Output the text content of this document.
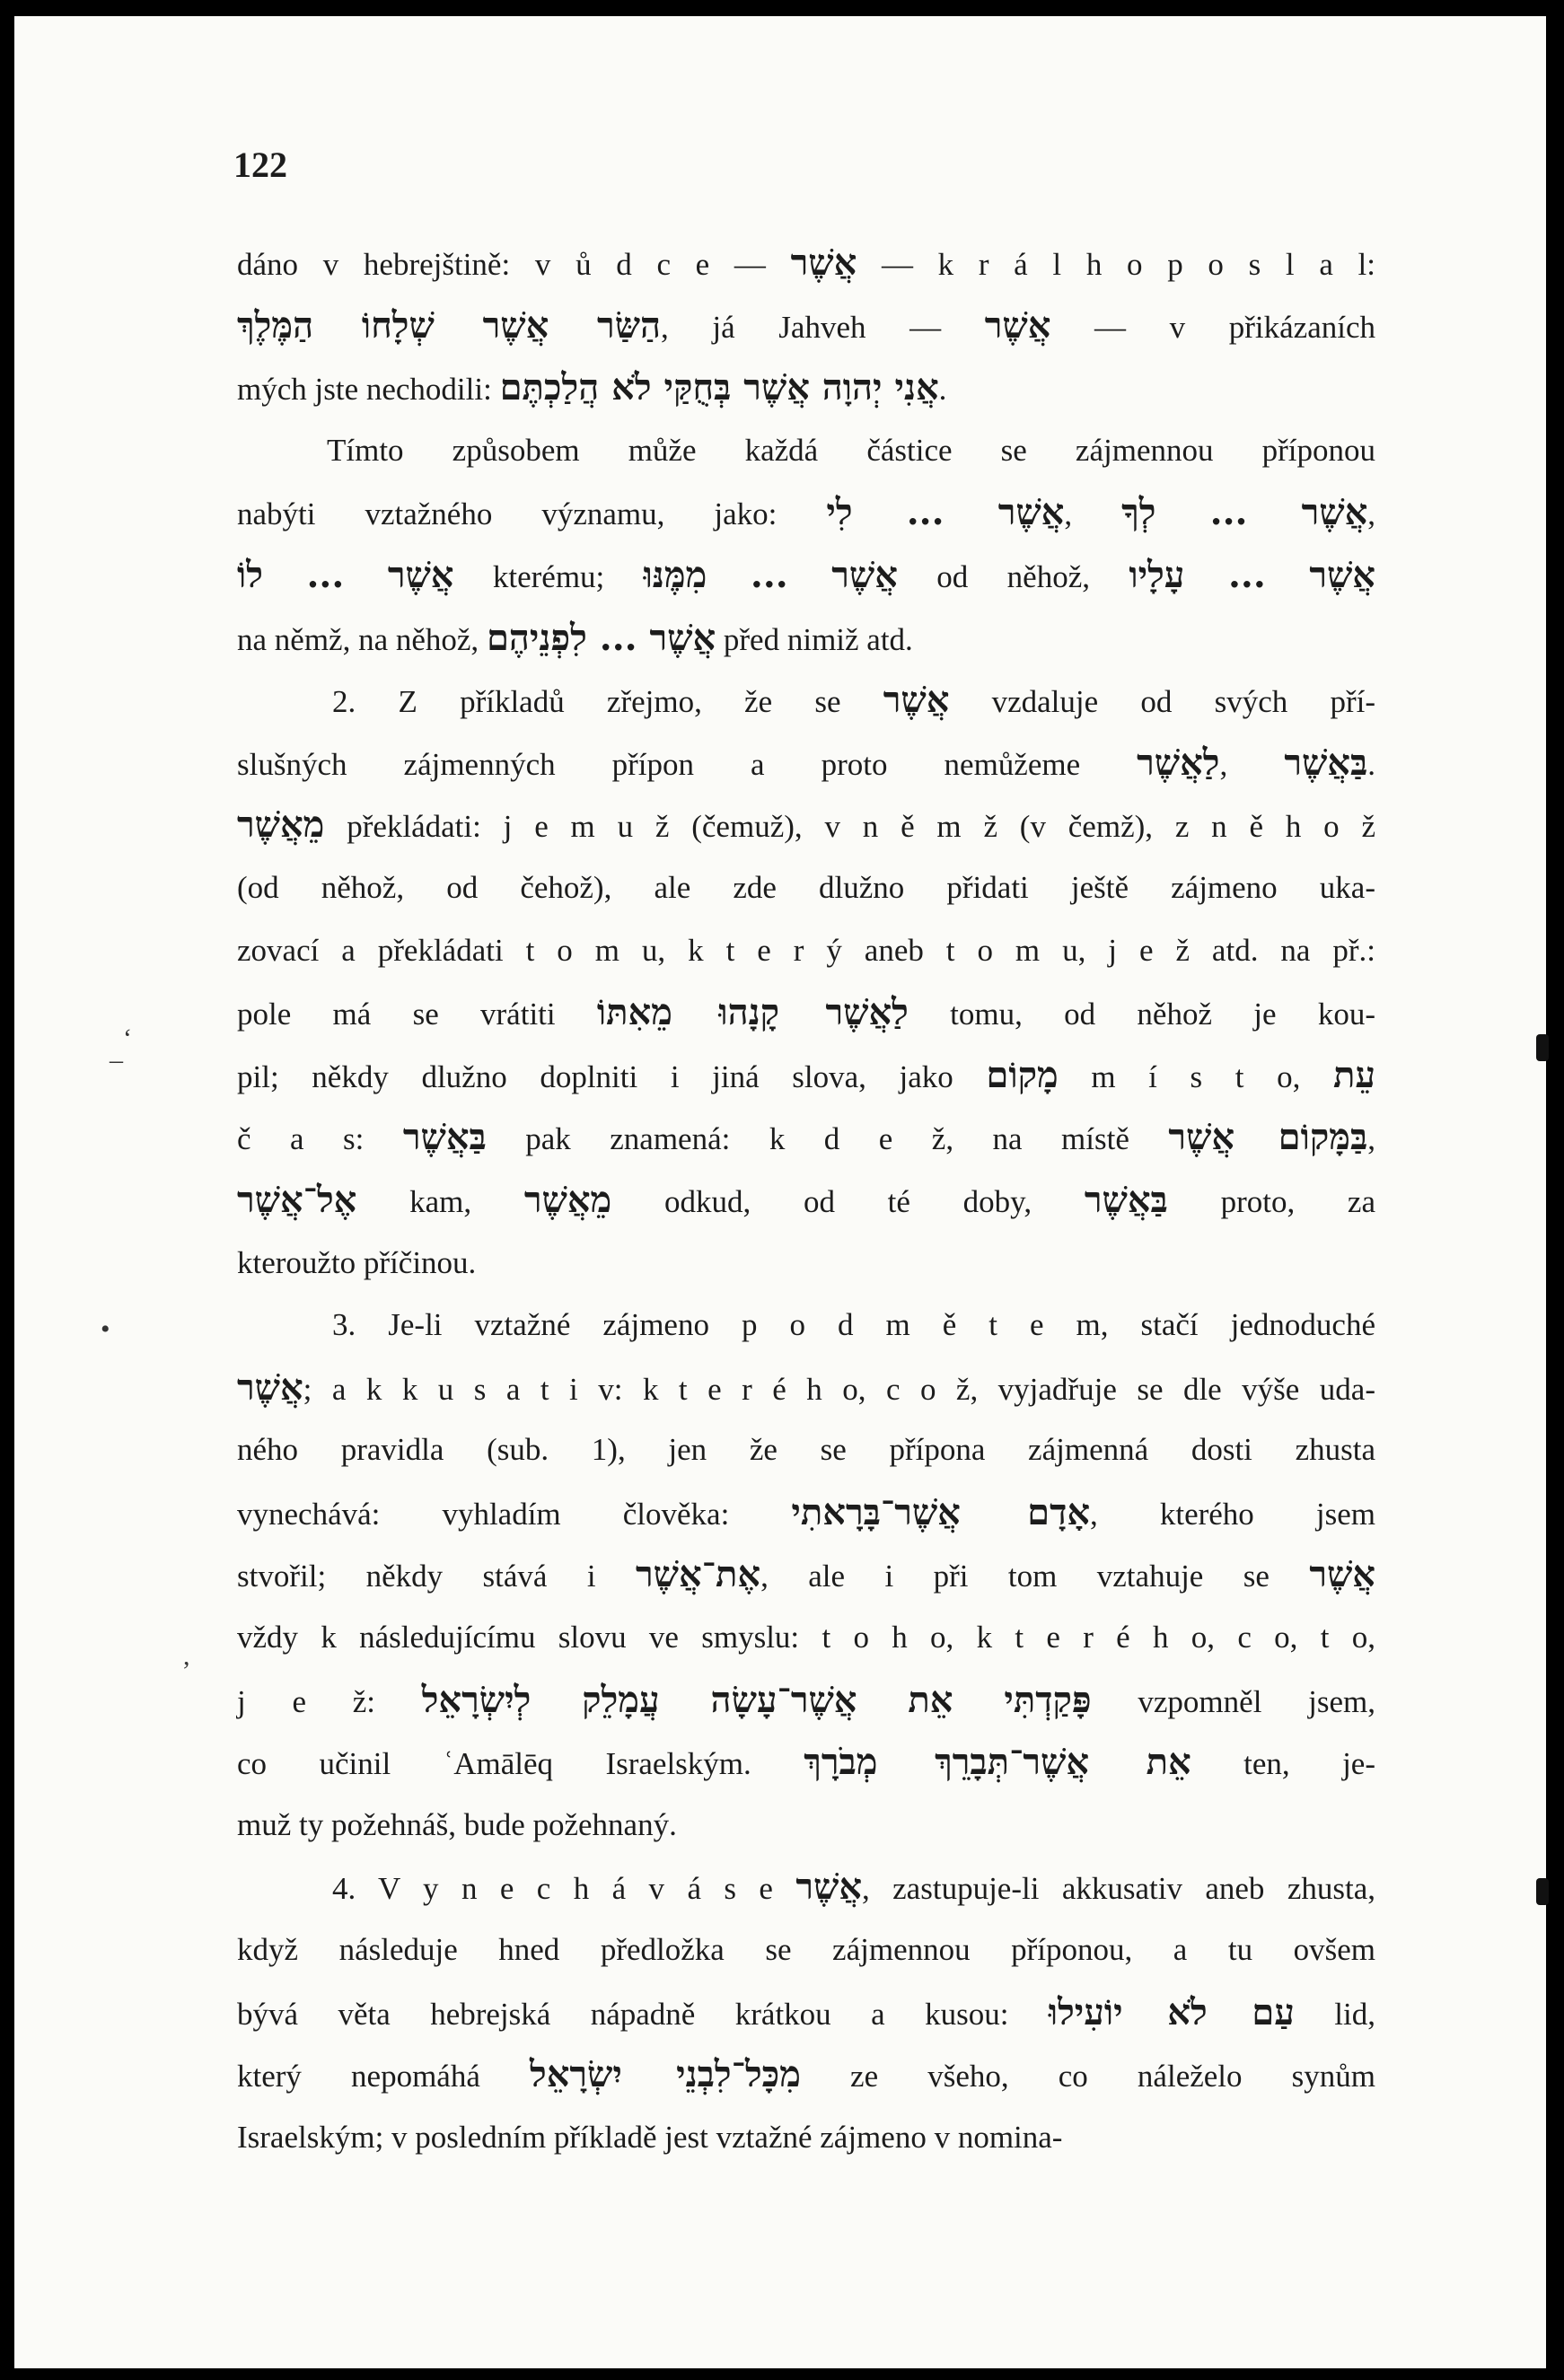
122

dáno v hebrejštině: v ů d c e — אֲשֶׁר — k r á l h o p o s l a l:

הַשַּׂר אֲשֶׁר שְׁלָחוֹ הַמֶּלֶךְ, já Jahveh — אֲשֶׁר — v přikázaních

mých jste nechodili: אֲנִי יְהוָה אֲשֶׁר בְּחֻקַּי לֹא הֲלַכְתֶּם.

Tímto způsobem může každá částice se zájmennou příponou

nabýti vztažného významu, jako: אֲשֶׁר ... לִי, אֲשֶׁר ... לְךָ,

אֲשֶׁר ... לוֹ kterému; אֲשֶׁר ... מִמֶּנּוּ od něhož, אֲשֶׁר ... עָלָיו

na němž, na něhož, אֲשֶׁר ... לִפְנֵיהֶם před nimiž atd.

2. Z příkladů zřejmo, že se אֲשֶׁר vzdaluje od svých pří-

slušných zájmenných přípon a proto nemůžeme לַאֲשֶׁר, בַּאֲשֶׁר.

מֵאֲשֶׁר překládati: j e m u ž (čemuž), v n ě m ž (v čemž), z n ě h o ž

(od něhož, od čehož), ale zde dlužno přidati ještě zájmeno uka-

zovací a překládati t o m u, k t e r ý aneb t o m u, j e ž atd. na př.:

pole má se vrátiti לַאֲשֶׁר קָנָהוּ מֵאִתּוֹ tomu, od něhož je kou-

pil; někdy dlužno doplniti i jiná slova, jako מָקוֹם m í s t o, עֵת

č a s: בַּאֲשֶׁר pak znamená: k d e ž, na místě בַּמָּקוֹם אֲשֶׁר,

אֶל־אֲשֶׁר kam, מֵאֲשֶׁר odkud, od té doby, בַּאֲשֶׁר proto, za

kteroužto příčinou.

3. Je-li vztažné zájmeno p o d m ě t e m, stačí jednoduché

אֲשֶׁר; a k k u s a t i v: k t e r é h o, c o ž, vyjadřuje se dle výše uda-

ného pravidla (sub. 1), jen že se přípona zájmenná dosti zhusta

vynechává: vyhladím člověka: אָדָם אֲשֶׁר־בָּרָאתִי, kterého jsem

stvořil; někdy stává i אֶת־אֲשֶׁר, ale i při tom vztahuje se אֲשֶׁר

vždy k následujícímu slovu ve smyslu: t o h o, k t e r é h o, c o, t o,

j e ž: פָּקַדְתִּי אֵת אֲשֶׁר־עָשָׂה עֲמָלֵק לְיִשְׂרָאֵל vzpomněl jsem,

co učinil ʿAmālēq Israelským. אֵת אֲשֶׁר־תְּבָרֵךְ מְבֹרָךְ ten, je-

muž ty požehnáš, bude požehnaný.

4. V y n e c h á v á s e אֲשֶׁר, zastupuje-li akkusativ aneb zhusta,

když následuje hned předložka se zájmennou příponou, a tu ovšem

bývá věta hebrejská nápadně krátkou a kusou: עַם לֹא יוֹעִילוּ lid,

který nepomáhá מִכָּל־לִבְנֵי יִשְׂרָאֵל ze všeho, co náleželo synům

Israelským; v posledním příkladě jest vztažné zájmeno v nomina-

‘
_
•
,
